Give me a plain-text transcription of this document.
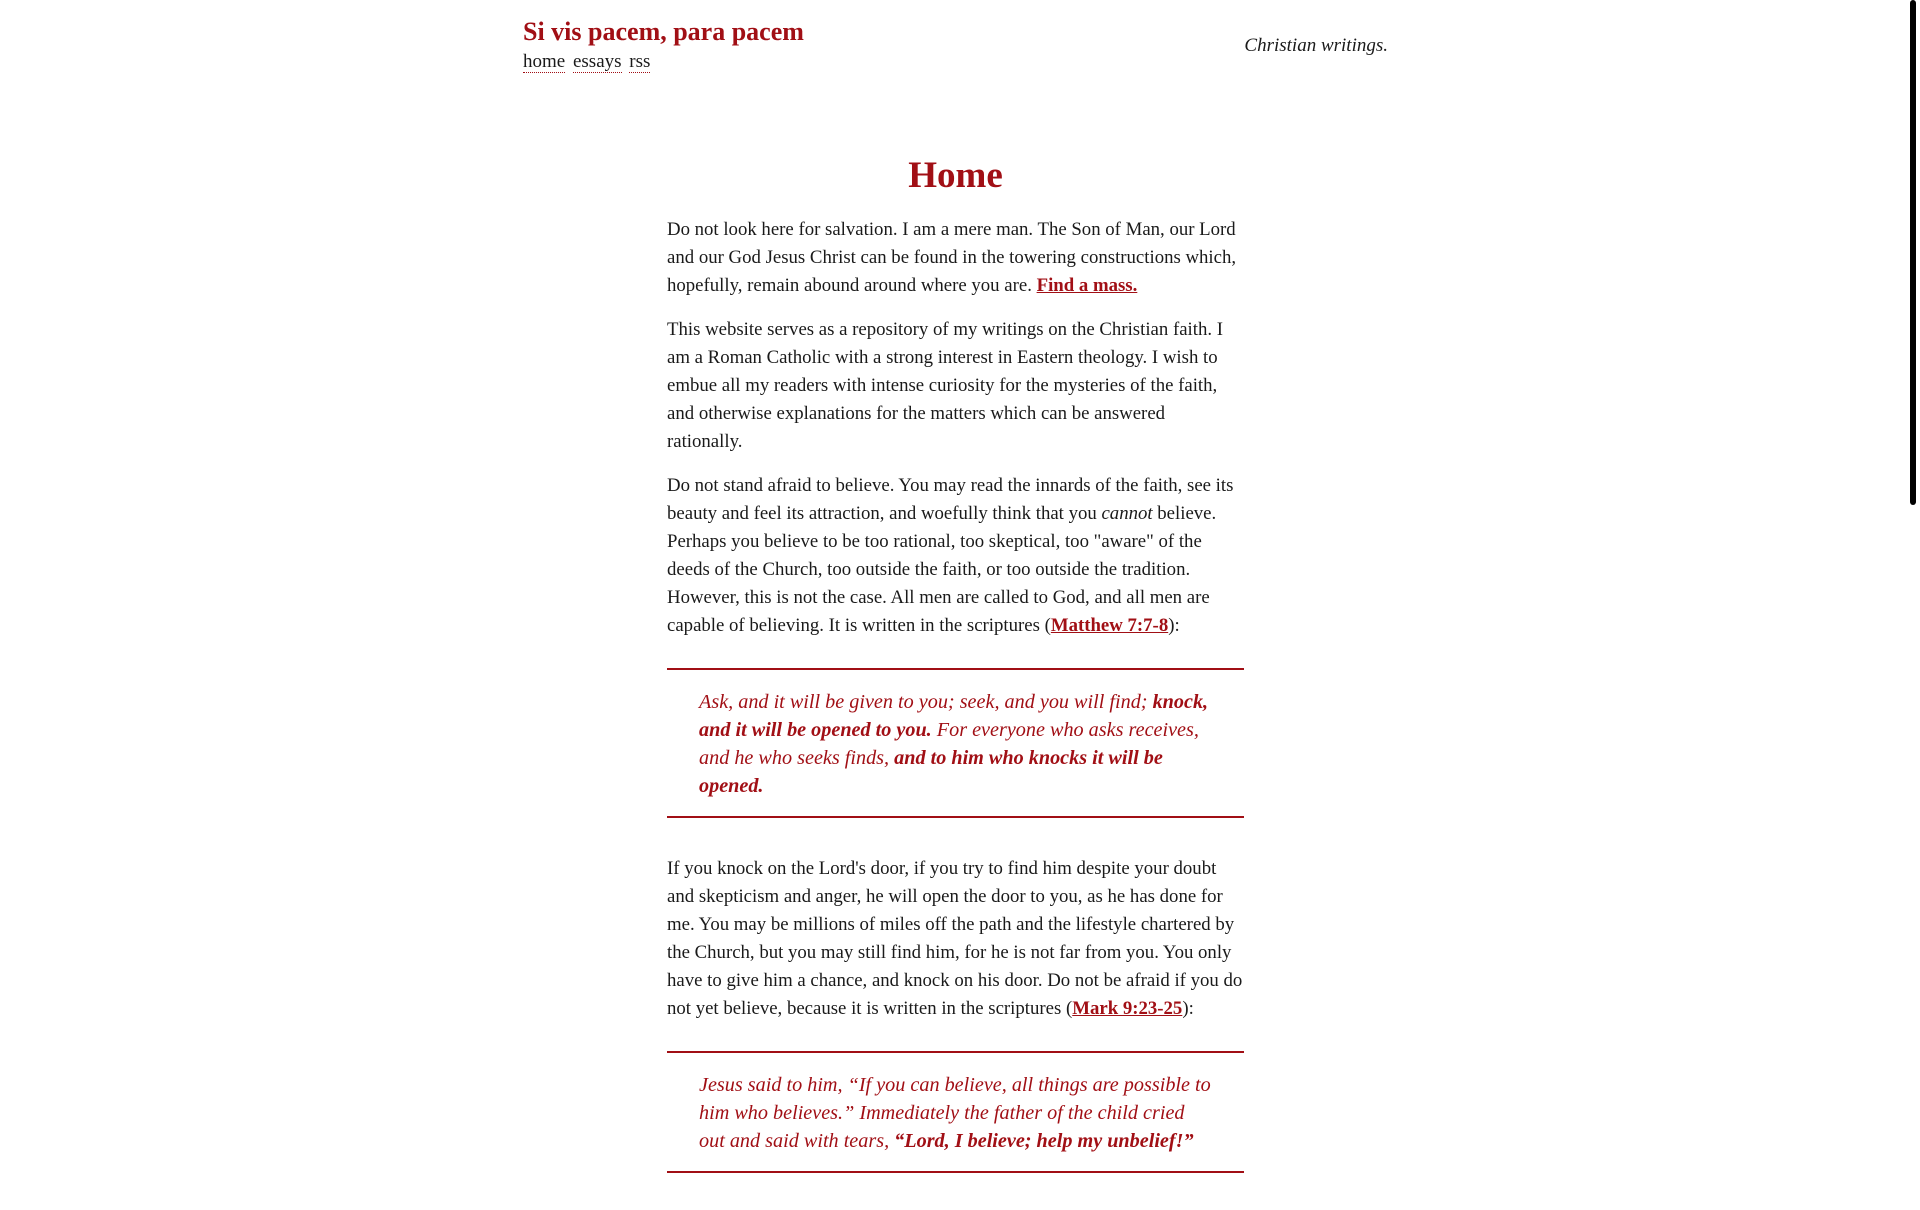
Si vis pacem, para pacem
home essays rss
Christian writings.
Home

Do not look here for salvation. I am a mere man. The Son of Man, our Lord and our God Jesus Christ can be found in the towering constructions which, hopefully, remain abound around where you are. Find a mass.

This website serves as a repository of my writings on the Christian faith. I am a Roman Catholic with a strong interest in Eastern theology. I wish to embue all my readers with intense curiosity for the mysteries of the faith, and otherwise explanations for the matters which can be answered rationally.

Do not stand afraid to believe. You may read the innards of the faith, see its beauty and feel its attraction, and woefully think that you cannot believe. Perhaps you believe to be too rational, too skeptical, too "aware" of the deeds of the Church, too outside the faith, or too outside the tradition. However, this is not the case. All men are called to God, and all men are capable of believing. It is written in the scriptures (Matthew 7:7-8):

Ask, and it will be given to you; seek, and you will find; knock, and it will be opened to you. For everyone who asks receives, and he who seeks finds, and to him who knocks it will be opened.

If you knock on the Lord's door, if you try to find him despite your doubt and skepticism and anger, he will open the door to you, as he has done for me. You may be millions of miles off the path and the lifestyle chartered by the Church, but you may still find him, for he is not far from you. You only have to give him a chance, and knock on his door. Do not be afraid if you do not yet believe, because it is written in the scriptures (Mark 9:23-25):

Jesus said to him, “If you can believe, all things are possible to him who believes.” Immediately the father of the child cried out and said with tears, “Lord, I believe; help my unbelief!”
